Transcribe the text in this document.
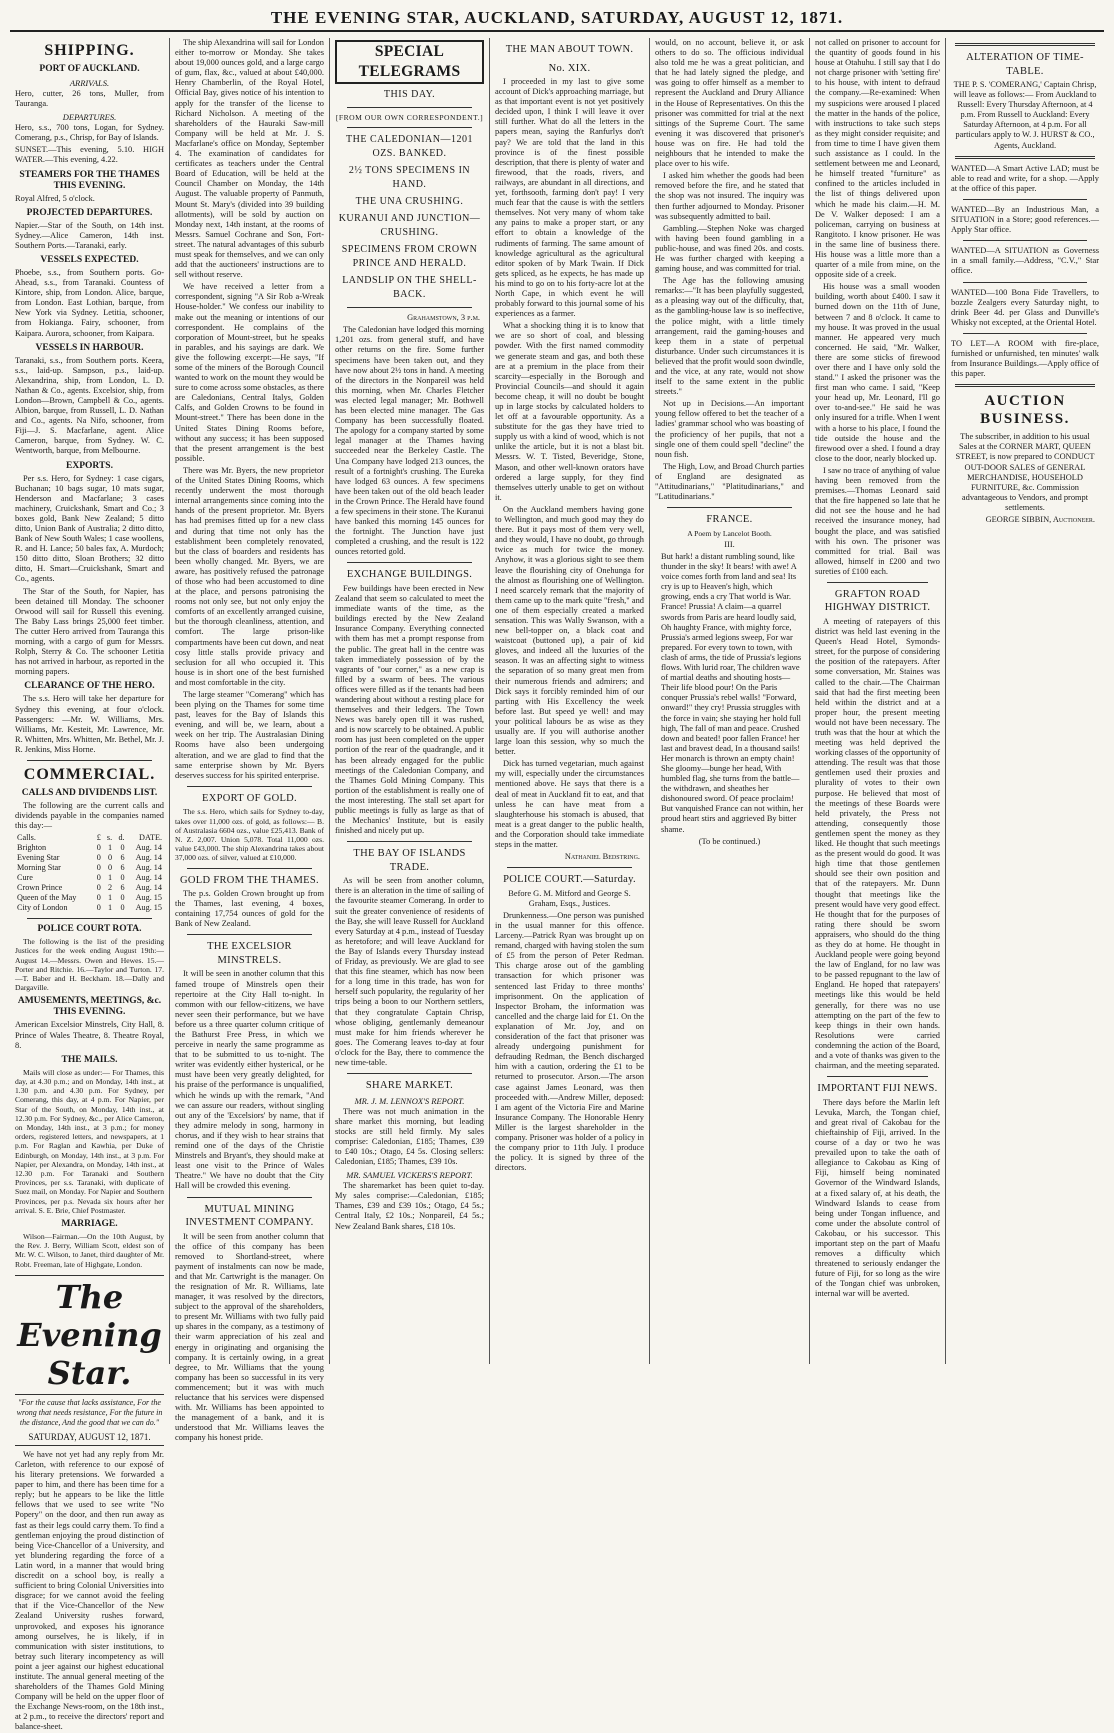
THE EVENING STAR, AUCKLAND, SATURDAY, AUGUST 12, 1871.
SHIPPING.
PORT OF AUCKLAND.
ARRIVALS.

Hero, cutter, 26 tons, Muller, from Tauranga.

DEPARTURES.

Hero, s.s., 700 tons, Logan, for Sydney. Comerang, p.s., Chrisp, for Bay of Islands.

SUNSET.—This evening, 5.10. HIGH WATER.—This evening, 4.22.

STEAMERS FOR THE THAMES THIS EVENING.

Royal Alfred, 5 o'clock.

PROJECTED DEPARTURES.

Napier.—Star of the South, on 14th inst. Sydney.—Alice Cameron, 14th inst. Southern Ports.—Taranaki, early.

VESSELS EXPECTED.

Phoebe, s.s., from Southern ports. Go-Ahead, s.s., from Taranaki. Countess of Kintore, ship, from London. Alice, barque, from London. East Lothian, barque, from New York via Sydney. Letitia, schooner, from Hokianga. Fairy, schooner, from Kaipara. Aurora, schooner, from Kaipara.

VESSELS IN HARBOUR.

Taranaki, s.s., from Southern ports. Keera, s.s., laid-up. Sampson, p.s., laid-up. Alexandrina, ship, from London, L. D. Nathan & Co., agents. Excelsior, ship, from London—Brown, Campbell & Co., agents. Albion, barque, from Russell, L. D. Nathan and Co., agents. Na Nifo, schooner, from Fiji—J. S. Macfarlane, agent. Alice Cameron, barque, from Sydney. W. C. Wentworth, barque, from Melbourne.

EXPORTS.

Per s.s. Hero, for Sydney: 1 case cigars, Buchanan; 10 bags sugar, 10 mats sugar, Henderson and Macfarlane; 3 cases machinery, Cruickshank, Smart and Co.; 3 boxes gold, Bank New Zealand; 5 ditto ditto, Union Bank of Australia; 2 ditto ditto, Bank of New South Wales; 1 case woollens, R. and H. Lance; 50 bales fax, A. Murdoch; 150 ditto ditto, Sloan Brothers; 32 ditto ditto, H. Smart—Cruickshank, Smart and Co., agents.

The Star of the South, for Napier, has been detained till Monday. The schooner Orwood will sail for Russell this evening. The Baby Lass brings 25,000 feet timber. The cutter Hero arrived from Tauranga this morning, with a cargo of gum for Messrs. Rolph, Sterry & Co. The schooner Letitia has not arrived in harbour, as reported in the morning papers.

CLEARANCE OF THE HERO.

The s.s. Hero will take her departure for Sydney this evening, at four o'clock. Passengers: —Mr. W. Williams, Mrs. Williams, Mr. Kesteit, Mr. Lawrence, Mr. R. Whitten, Mrs. Whitten, Mr. Bethel, Mr. J. R. Jenkins, Miss Horne.

COMMERCIAL.
CALLS AND DIVIDENDS LIST.

The following are the current calls and dividends payable in the companies named this day:—

Calls.	£	s.	d.	DATE.
Brighton	0	1	0	Aug. 14
Evening Star	0	0	6	Aug. 14
Morning Star	0	0	6	Aug. 14
Cure	0	1	0	Aug. 14
Crown Prince	0	2	6	Aug. 14
Queen of the May	0	1	0	Aug. 15
City of London	0	1	0	Aug. 15
POLICE COURT ROTA.

The following is the list of the presiding Justices for the week ending August 19th:— August 14.—Messrs. Owen and Hewes. 15.—Porter and Ritchie. 16.—Taylor and Turton. 17.—T. Baber and H. Beckham. 18.—Dally and Dargaville.

AMUSEMENTS, MEETINGS, &c. THIS EVENING.

American Excelsior Minstrels, City Hall, 8. Prince of Wales Theatre, 8. Theatre Royal, 8.

THE MAILS.

Mails will close as under:— For Thames, this day, at 4.30 p.m.; and on Monday, 14th inst., at 1.30 p.m. and 4.30 p.m. For Sydney, per Comerang, this day, at 4 p.m. For Napier, per Star of the South, on Monday, 14th inst., at 12.30 p.m. For Sydney, &c., per Alice Cameron, on Monday, 14th inst., at 3 p.m.; for money orders, registered letters, and newspapers, at 1 p.m. For Raglan and Kawhia, per Duke of Edinburgh, on Monday, 14th inst., at 3 p.m. For Napier, per Alexandra, on Monday, 14th inst., at 12.30 p.m. For Taranaki and Southern Provinces, per s.s. Taranaki, with duplicate of Suez mail, on Monday. For Napier and Southern Provinces, per p.s. Nevada six hours after her arrival. S. E. Brie, Chief Postmaster.

MARRIAGE.

Wilson—Fairman.—On the 10th August, by the Rev. J. Berry, William Scott, eldest son of Mr. W. C. Wilson, to Janet, third daughter of Mr. Robt. Freeman, late of Highgate, London.

The Evening Star.
"For the cause that lacks assistance, For the wrong that needs resistance, For the future in the distance, And the good that we can do."
SATURDAY, AUGUST 12, 1871.

We have not yet had any reply from Mr. Carleton, with reference to our exposé of his literary pretensions. We forwarded a paper to him, and there has been time for a reply; but he appears to be like the little fellows that we used to see write "No Popery" on the door, and then run away as fast as their legs could carry them. To find a gentleman enjoying the proud distinction of being Vice-Chancellor of a University, and yet blundering regarding the force of a Latin word, in a manner that would bring discredit on a school boy, is really a sufficient to bring Colonial Universities into disgrace; for we cannot avoid the feeling that if the Vice-Chancellor of the New Zealand University rushes forward, unprovoked, and exposes his ignorance among ourselves, he is likely, if in communication with sister institutions, to betray such literary incompetency as will point a jeer against our highest educational institute. The annual general meeting of the shareholders of the Thames Gold Mining Company will be held on the upper floor of the Exchange News-room, on the 18th inst., at 2 p.m., to receive the directors' report and balance-sheet.

The ship Alexandrina will sail for London either to-morrow or Monday. She takes about 19,000 ounces gold, and a large cargo of gum, flax, &c., valued at about £40,000. Henry Chamberlin, of the Royal Hotel, Official Bay, gives notice of his intention to apply for the transfer of the license to Richard Nicholson. A meeting of the shareholders of the Hauraki Saw-mill Company will be held at Mr. J. S. Macfarlane's office on Monday, September 4. The examination of candidates for certificates as teachers under the Central Board of Education, will be held at the Council Chamber on Monday, the 14th August. The valuable property of Panmuth, Mount St. Mary's (divided into 39 building allotments), will be sold by auction on Monday next, 14th instant, at the rooms of Messrs. Samuel Cochrane and Son, Fort-street. The natural advantages of this suburb must speak for themselves, and we can only add that the auctioneers' instructions are to sell without reserve.

We have received a letter from a correspondent, signing "A Sir Rob a-Wreak House-holder." We confess our inability to make out the meaning or intentions of our correspondent. He complains of the corporation of Mount-street, but he speaks in parables, and his sayings are dark. We give the following excerpt:—He says, "If some of the miners of the Borough Council wanted to work on the mount they would be sure to come across some obstacles, as there are Caledonians, Central Italys, Golden Calfs, and Golden Crowns to be found in Mount-street." There has been done in the United States Dining Rooms before, without any success; it has been supposed that the present arrangement is the best possible.

There was Mr. Byers, the new proprietor of the United States Dining Rooms, which recently underwent the most thorough internal arrangements since coming into the hands of the present proprietor. Mr. Byers has had premises fitted up for a new class and during that time not only has the establishment been completely renovated, but the class of boarders and residents has been wholly changed. Mr. Byers, we are aware, has positively refused the patronage of those who had been accustomed to dine at the place, and persons patronising the rooms not only see, but not only enjoy the comforts of an excellently arranged cuisine, but the thorough cleanliness, attention, and comfort. The large prison-like compartments have been cut down, and neat cosy little stalls provide privacy and seclusion for all who occupied it. This house is in short one of the best furnished and most comfortable in the city.

The large steamer "Comerang" which has been plying on the Thames for some time past, leaves for the Bay of Islands this evening, and will be, we learn, about a week on her trip. The Australasian Dining Rooms have also been undergoing alteration, and we are glad to find that the same enterprise shown by Mr. Byers deserves success for his spirited enterprise.

EXPORT OF GOLD.

The s.s. Hero, which sails for Sydney to-day, takes over 11,000 ozs. of gold, as follows:— B. of Australasia 6604 ozs., value £25,413. Bank of N. Z. 2,007. Union 5,078. Total 11,000 ozs. value £43,000. The ship Alexandrina takes about 37,000 ozs. of silver, valued at £10,000.

GOLD FROM THE THAMES.

The p.s. Golden Crown brought up from the Thames, last evening, 4 boxes, containing 17,754 ounces of gold for the Bank of New Zealand.

THE EXCELSIOR MINSTRELS.

It will be seen in another column that this famed troupe of Minstrels open their repertoire at the City Hall to-night. In common with our fellow-citizens, we have never seen their performance, but we have before us a three quarter column critique of the Bathurst Free Press, in which we perceive in nearly the same programme as that to be submitted to us to-night. The writer was evidently either hysterical, or he must have been very greatly delighted, for his praise of the performance is unqualified, which he winds up with the remark, "And we can assure our readers, without singling out any of the 'Excelsiors' by name, that if they admire melody in song, harmony in chorus, and if they wish to hear strains that remind one of the days of the Christie Minstrels and Bryant's, they should make at least one visit to the Prince of Wales Theatre." We have no doubt that the City Hall will be crowded this evening.

MUTUAL MINING INVESTMENT COMPANY.

It will be seen from another column that the office of this company has been removed to Shortland-street, where payment of instalments can now be made, and that Mr. Cartwright is the manager. On the resignation of Mr. R. Williams, late manager, it was resolved by the directors, subject to the approval of the shareholders, to present Mr. Williams with two fully paid up shares in the company, as a testimony of their warm appreciation of his zeal and energy in originating and organising the company. It is certainly owing, in a great degree, to Mr. Williams that the young company has been so successful in its very commencement; but it was with much reluctance that his services were dispensed with. Mr. Williams has been appointed to the management of a bank, and it is understood that Mr. Williams leaves the company his honest pride.

SPECIAL TELEGRAMS
THIS DAY.
[FROM OUR OWN CORRESPONDENT.]
THE CALEDONIAN—1201 OZS. BANKED.
2½ TONS SPECIMENS IN HAND.
THE UNA CRUSHING.
KURANUI AND JUNCTION—CRUSHING.
SPECIMENS FROM CROWN PRINCE AND HERALD.
LANDSLIP ON THE SHELL-BACK.

Grahamstown, 3 p.m.

The Caledonian have lodged this morning 1,201 ozs. from general stuff, and have other returns on the fire. Some further specimens have been taken out, and they have now about 2½ tons in hand. A meeting of the directors in the Nonpareil was held this morning, when Mr. Charles Fletcher was elected legal manager; Mr. Bothwell has been elected mine manager. The Gas Company has been successfully floated. The apology for a company started by some legal manager at the Thames having succeeded near the Berkeley Castle. The Una Company have lodged 213 ounces, the result of a fortnight's crushing. The Eureka have lodged 63 ounces. A few specimens have been taken out of the old beach leader in the Crown Prince. The Herald have found a few specimens in their stone. The Kuranui have banked this morning 145 ounces for the fortnight. The Junction have just completed a crushing, and the result is 122 ounces retorted gold.

EXCHANGE BUILDINGS.

Few buildings have been erected in New Zealand that seem so calculated to meet the immediate wants of the time, as the buildings erected by the New Zealand Insurance Company. Everything connected with them has met a prompt response from the public. The great hall in the centre was taken immediately possession of by the vagrants of "our corner," as a new crap is filled by a swarm of bees. The various offices were filled as if the tenants had been wandering about without a resting place for themselves and their ledgers. The Town News was barely open till it was rushed, and is now scarcely to be obtained. A public room has just been completed on the upper portion of the rear of the quadrangle, and it has been already engaged for the public meetings of the Caledonian Company, and the Thames Gold Mining Company. This portion of the establishment is really one of the most interesting. The stall set apart for public meetings is fully as large as that of the Mechanics' Institute, but is easily finished and nicely put up.

THE BAY OF ISLANDS TRADE.

As will be seen from another column, there is an alteration in the time of sailing of the favourite steamer Comerang. In order to suit the greater convenience of residents of the Bay, she will leave Russell for Auckland every Saturday at 4 p.m., instead of Tuesday as heretofore; and will leave Auckland for the Bay of Islands every Thursday instead of Friday, as previously. We are glad to see that this fine steamer, which has now been for a long time in this trade, has won for herself such popularity, the regularity of her trips being a boon to our Northern settlers, that they congratulate Captain Chrisp, whose obliging, gentlemanly demeanour must make for him friends wherever he goes. The Comerang leaves to-day at four o'clock for the Bay, there to commence the new time-table.

SHARE MARKET.
MR. J. M. LENNOX'S REPORT.

There was not much animation in the share market this morning, but leading stocks are still held firmly. My sales comprise: Caledonian, £185; Thames, £39 to £40 10s.; Otago, £4 5s. Closing sellers: Caledonian, £185; Thames, £39 10s.

MR. SAMUEL VICKERS'S REPORT.

The sharemarket has been quiet to-day. My sales comprise:—Caledonian, £185; Thames, £39 and £39 10s.; Otago, £4 5s.; Central Italy, £2 10s.; Nonpareil, £4 5s.; New Zealand Bank shares, £18 10s.

THE MAN ABOUT TOWN.
No. XIX.

I proceeded in my last to give some account of Dick's approaching marriage, but as that important event is not yet positively decided upon, I think I will leave it over still further. What do all the letters in the papers mean, saying the Ranfurlys don't pay? We are told that the land in this province is of the finest possible description, that there is plenty of water and firewood, that the roads, rivers, and railways, are abundant in all directions, and yet, forthsooth, farming don't pay! I very much fear that the cause is with the settlers themselves. Not very many of whom take any pains to make a proper start, or any effort to obtain a knowledge of the rudiments of farming. The same amount of knowledge agricultural as the agricultural editor spoken of by Mark Twain. If Dick gets spliced, as he expects, he has made up his mind to go on to his forty-acre lot at the North Cape, in which event he will probably forward to this journal some of his experiences as a farmer.

What a shocking thing it is to know that we are so short of coal, and blessing powder. With the first named commodity we generate steam and gas, and both these are at a premium in the place from their scarcity—especially in the Borough and Provincial Councils—and should it again become cheap, it will no doubt be bought up in large stocks by calculated holders to let off at a favourable opportunity. As a substitute for the gas they have tried to supply us with a kind of wood, which is not unlike the article, but it is not a blast bit. Messrs. W. T. Tisted, Beveridge, Stone, Mason, and other well-known orators have ordered a large supply, for they find themselves utterly unable to get on without it.

On the Auckland members having gone to Wellington, and much good may they do there. But it pays most of them very well, and they would, I have no doubt, go through twice as much for twice the money. Anyhow, it was a glorious sight to see them leave the flourishing city of Onehunga for the almost as flourishing one of Wellington. I need scarcely remark that the majority of them came up to the mark quite "fresh," and one of them especially created a marked sensation. This was Wally Swanson, with a new bell-topper on, a black coat and waistcoat (buttoned up), a pair of kid gloves, and indeed all the luxuries of the season. It was an affecting sight to witness the separation of so many great men from their numerous friends and admirers; and Dick says it forcibly reminded him of our parting with His Excellency the week before last. But speed ye well! and may your political labours be as wise as they usually are. If you will authorise another large loan this session, why so much the better.

Dick has turned vegetarian, much against my will, especially under the circumstances mentioned above. He says that there is a deal of meat in Auckland fit to eat, and that unless he can have meat from a slaughterhouse his stomach is abused, that meat is a great danger to the public health, and the Corporation should take immediate steps in the matter.

Nathaniel Bedstring.

POLICE COURT.—Saturday.

Before G. M. Mitford and George S. Graham, Esqs., Justices.

Drunkenness.—One person was punished in the usual manner for this offence. Larceny.—Patrick Ryan was brought up on remand, charged with having stolen the sum of £5 from the person of Peter Redman. This charge arose out of the gambling transaction for which prisoner was sentenced last Friday to three months' imprisonment. On the application of Inspector Broham, the information was cancelled and the charge laid for £1. On the explanation of Mr. Joy, and on consideration of the fact that prisoner was already undergoing punishment for defrauding Redman, the Bench discharged him with a caution, ordering the £1 to be returned to prosecutor. Arson.—The arson case against James Leonard, was then proceeded with.—Andrew Miller, deposed: I am agent of the Victoria Fire and Marine Insurance Company. The Honorable Henry Miller is the largest shareholder in the company. Prisoner was holder of a policy in the company prior to 11th July. I produce the policy. It is signed by three of the directors.

would, on no account, believe it, or ask others to do so. The officious individual also told me he was a great politician, and that he had lately signed the pledge, and was going to offer himself as a member to represent the Auckland and Drury Alliance in the House of Representatives. On this the prisoner was committed for trial at the next sittings of the Supreme Court. The same evening it was discovered that prisoner's house was on fire. He had told the neighbours that he intended to make the place over to his wife.

I asked him whether the goods had been removed before the fire, and he stated that the shop was not insured. The inquiry was then further adjourned to Monday. Prisoner was subsequently admitted to bail.

Gambling.—Stephen Noke was charged with having been found gambling in a public-house, and was fined 20s. and costs. He was further charged with keeping a gaming house, and was committed for trial.

The Age has the following amusing remarks:—"It has been playfully suggested, as a pleasing way out of the difficulty, that, as the gambling-house law is so ineffective, the police might, with a little timely arrangement, raid the gaming-houses and keep them in a state of perpetual disturbance. Under such circumstances it is believed that the profit would soon dwindle, and the vice, at any rate, would not show itself to the same extent in the public streets."

Not up in Decisions.—An important young fellow offered to bet the teacher of a ladies' grammar school who was boasting of the proficiency of her pupils, that not a single one of them could spell "decline" the noun fish.

The High, Low, and Broad Church parties of England are designated as "Attitudinarians," "Platitudinarians," and "Latitudinarians."

FRANCE.

A Poem by Lancelot Booth.

III.

But hark! a distant rumbling sound, like thunder in the sky! It bears! with awe! A voice comes forth from land and sea! Its cry is up to Heaven's high, which growing, ends a cry That world is War. France! Prussia! A claim—a quarrel swords from Paris are heard loudly said, Oh haughty France, with mighty force, Prussia's armed legions sweep, For war prepared. For every town to town, with clash of arms, the tide of Prussia's legions flows. With lurid roar, The children wave of martial deaths and shouting hosts— Their life blood pour! On the Paris conquer Prussia's rebel walls! "Forward, onward!" they cry! Prussia struggles with the force in vain; she staying her hold full high, The fall of man and peace. Crushed down and beated! poor fallen France! her last and bravest dead, In a thousand sails! Her monarch is thrown an empty chain! She gloomy—bunge her head, With humbled flag, she turns from the battle—the withdrawn, and sheathes her dishonoured sword. Of peace proclaim! But vanquished France can not within, her proud heart stirs and aggrieved By bitter shame.

(To be continued.)

not called on prisoner to account for the quantity of goods found in his house at Otahuhu. I still say that I do not charge prisoner with 'setting fire' to his house, with intent to defraud the company.—Re-examined: When my suspicions were aroused I placed the matter in the hands of the police, with instructions to take such steps as they might consider requisite; and from time to time I have given them such assistance as I could. In the settlement between me and Leonard, he himself treated "furniture" as confined to the articles included in the list of things delivered upon which he made his claim.—H. M. De V. Walker deposed: I am a policeman, carrying on business at Rangitoto. I know prisoner. He was in the same line of business there. His house was a little more than a quarter of a mile from mine, on the opposite side of a creek.

His house was a small wooden building, worth about £400. I saw it burned down on the 11th of June, between 7 and 8 o'clock. It came to my house. It was proved in the usual manner. He appeared very much concerned. He said, "Mr. Walker, there are some sticks of firewood over there and I have only sold the stand." I asked the prisoner was the first man who came. I said, "Keep your head up, Mr. Leonard, I'll go over to-and-see." He said he was only insured for a trifle. When I went with a horse to his place, I found the tide outside the house and the firewood over a shed. I found a dray close to the door, nearly blocked up.

I saw no trace of anything of value having been removed from the premises.—Thomas Leonard said that the fire happened so late that he did not see the house and he had received the insurance money, had bought the place, and was satisfied with his own. The prisoner was committed for trial. Bail was allowed, himself in £200 and two sureties of £100 each.

GRAFTON ROAD HIGHWAY DISTRICT.

A meeting of ratepayers of this district was held last evening in the Queen's Head Hotel, Symonds-street, for the purpose of considering the position of the ratepayers. After some conversation, Mr. Staines was called to the chair.—The Chairman said that had the first meeting been held within the district and at a proper hour, the present meeting would not have been necessary. The truth was that the hour at which the meeting was held deprived the working classes of the opportunity of attending. The result was that those gentlemen used their proxies and plurality of votes to their own purpose. He believed that most of the meetings of these Boards were held privately, the Press not attending, consequently those gentlemen spent the money as they liked. He thought that such meetings as the present would do good. It was high time that those gentlemen should see their own position and that of the ratepayers. Mr. Dunn thought that meetings like the present would have very good effect. He thought that for the purposes of rating there should be sworn appraisers, who should do the thing as they do at home. He thought in Auckland people were going beyond the law of England, for no law was to be passed repugnant to the law of England. He hoped that ratepayers' meetings like this would be held generally, for there was no use attempting on the part of the few to keep things in their own hands. Resolutions were carried condemning the action of the Board, and a vote of thanks was given to the chairman, and the meeting separated.

IMPORTANT FIJI NEWS.

There days before the Marlin left Levuka, March, the Tongan chief, and great rival of Cakobau for the chieftainship of Fiji, arrived. In the course of a day or two he was prevailed upon to take the oath of allegiance to Cakobau as King of Fiji, himself being nominated Governor of the Windward Islands, at a fixed salary of, at his death, the Windward Islands to cease from being under Tongan influence, and come under the absolute control of Cakobau, or his successor. This important step on the part of Maafu removes a difficulty which threatened to seriously endanger the future of Fiji, for so long as the wire of the Tongan chief was unbroken, internal war will be averted.

ALTERATION OF TIME-TABLE.

THE P. S. 'COMERANG,' Captain Chrisp, will leave as follows:— From Auckland to Russell: Every Thursday Afternoon, at 4 p.m. From Russell to Auckland: Every Saturday Afternoon, at 4 p.m. For all particulars apply to W. J. HURST & CO., Agents, Auckland.

WANTED—A Smart Active LAD; must be able to read and write, for a shop. —Apply at the office of this paper.

WANTED—By an Industrious Man, a SITUATION in a Store; good references.—Apply Star office.

WANTED—A SITUATION as Governess in a small family.—Address, "C.V.," Star office.

WANTED—100 Bona Fide Travellers, to bozzle Zealgers every Saturday night, to drink Beer 4d. per Glass and Dunville's Whisky not excepted, at the Oriental Hotel.

TO LET—A ROOM with fire-place, furnished or unfurnished, ten minutes' walk from Insurance Buildings.—Apply office of this paper.

AUCTION BUSINESS.

The subscriber, in addition to his usual Sales at the CORNER MART, QUEEN STREET, is now prepared to CONDUCT OUT-DOOR SALES of GENERAL MERCHANDISE, HOUSEHOLD FURNITURE, &c. Commission advantageous to Vendors, and prompt settlements.

GEORGE SIBBIN, Auctioneer.
